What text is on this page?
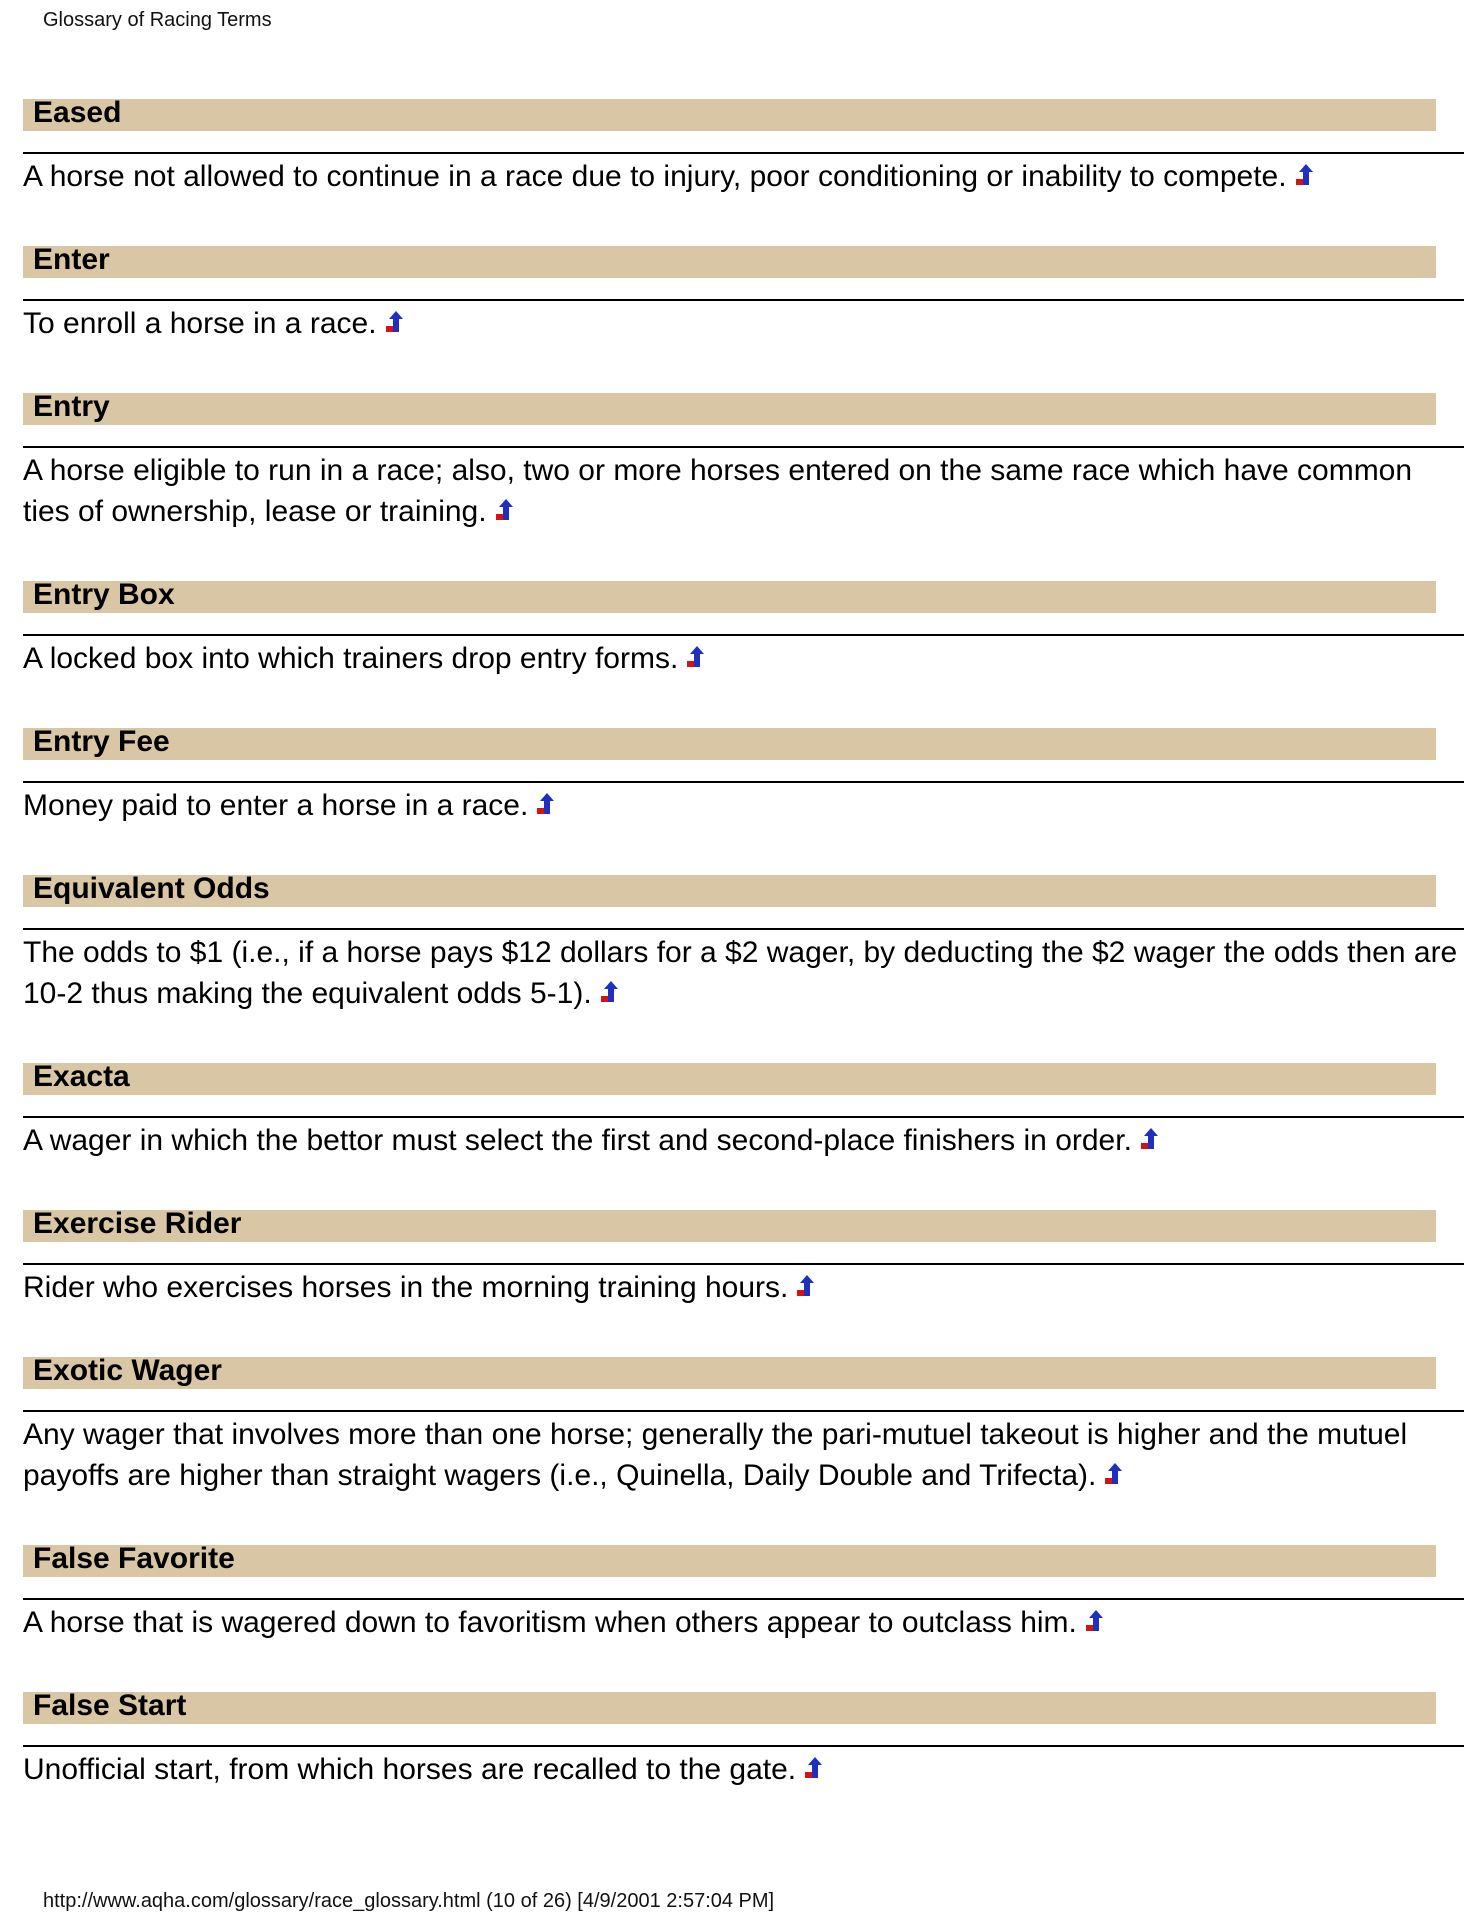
Glossary of Racing Terms
Eased
A horse not allowed to continue in a race due to injury, poor conditioning or inability to compete.
Enter
To enroll a horse in a race.
Entry
A horse eligible to run in a race; also, two or more horses entered on the same race which have common ties of ownership, lease or training.
Entry Box
A locked box into which trainers drop entry forms.
Entry Fee
Money paid to enter a horse in a race.
Equivalent Odds
The odds to $1 (i.e., if a horse pays $12 dollars for a $2 wager, by deducting the $2 wager the odds then are 10-2 thus making the equivalent odds 5-1).
Exacta
A wager in which the bettor must select the first and second-place finishers in order.
Exercise Rider
Rider who exercises horses in the morning training hours.
Exotic Wager
Any wager that involves more than one horse; generally the pari-mutuel takeout is higher and the mutuel payoffs are higher than straight wagers (i.e., Quinella, Daily Double and Trifecta).
False Favorite
A horse that is wagered down to favoritism when others appear to outclass him.
False Start
Unofficial start, from which horses are recalled to the gate.
http://www.aqha.com/glossary/race_glossary.html (10 of 26) [4/9/2001 2:57:04 PM]
